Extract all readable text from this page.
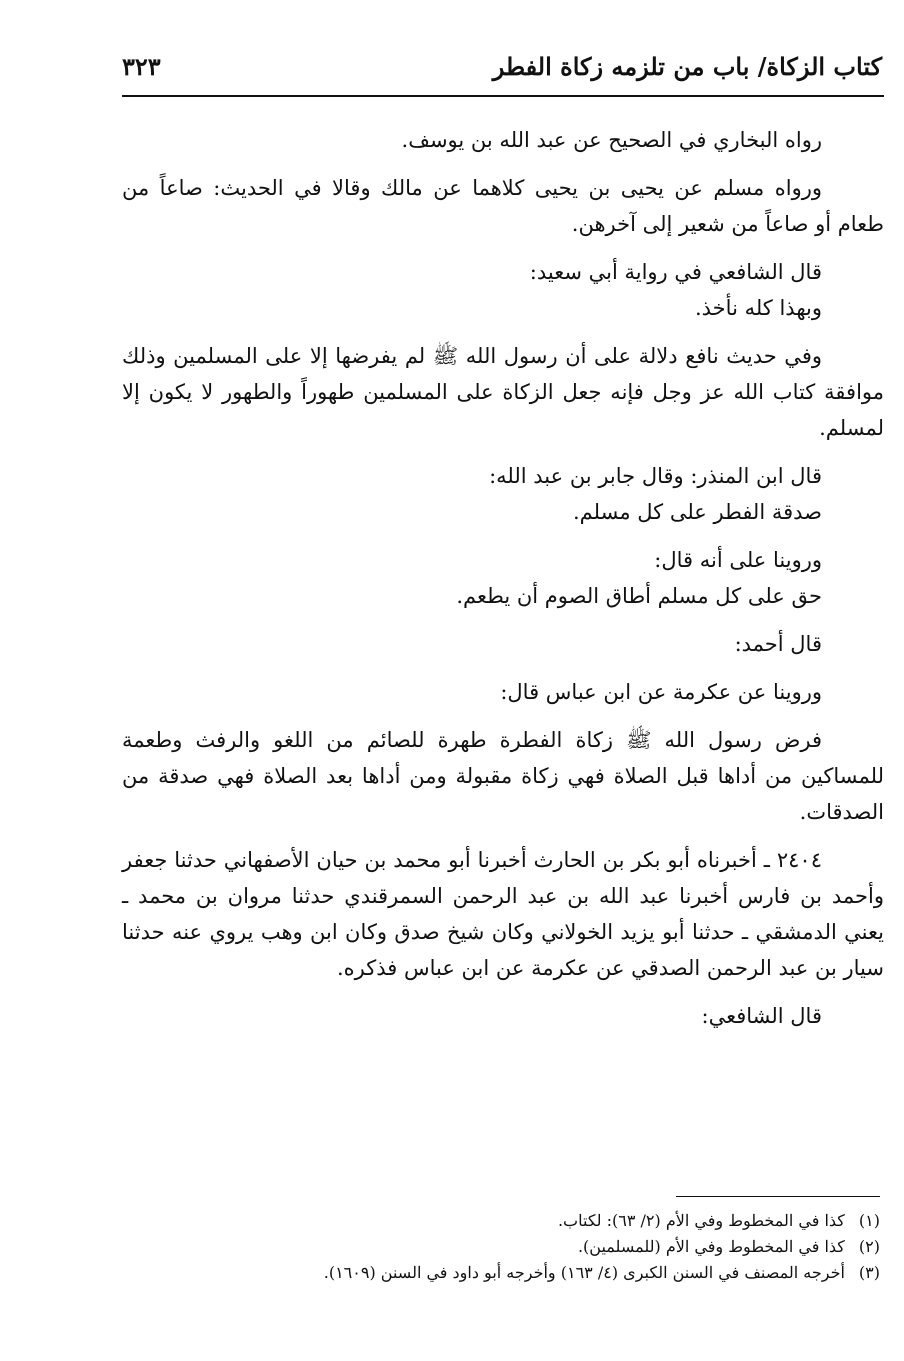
كتاب الزكاة/ باب من تلزمه زكاة الفطر
٣٢٣

رواه البخاري في الصحيح عن عبد الله بن يوسف.

ورواه مسلم عن يحيى بن يحيى كلاهما عن مالك وقالا في الحديث: صاعاً من طعام أو صاعاً من شعير إلى آخرهن.

قال الشافعي في رواية أبي سعيد:

وبهذا كله نأخذ.

وفي حديث نافع دلالة على أن رسول الله ﷺ لم يفرضها إلا على المسلمين وذلك موافقة كتاب الله عز وجل فإنه جعل الزكاة على المسلمين طهوراً والطهور لا يكون إلا لمسلم.

قال ابن المنذر: وقال جابر بن عبد الله:

صدقة الفطر على كل مسلم.

وروينا على أنه قال:

حق على كل مسلم أطاق الصوم أن يطعم.

قال أحمد:

وروينا عن عكرمة عن ابن عباس قال:

فرض رسول الله ﷺ زكاة الفطرة طهرة للصائم من اللغو والرفث وطعمة للمساكين من أداها قبل الصلاة فهي زكاة مقبولة ومن أداها بعد الصلاة فهي صدقة من الصدقات.

٢٤٠٤ ـ أخبرناه أبو بكر بن الحارث أخبرنا أبو محمد بن حيان الأصفهاني حدثنا جعفر وأحمد بن فارس أخبرنا عبد الله بن عبد الرحمن السمرقندي حدثنا مروان بن محمد ـ يعني الدمشقي ـ حدثنا أبو يزيد الخولاني وكان شيخ صدق وكان ابن وهب يروي عنه حدثنا سيار بن عبد الرحمن الصدقي عن عكرمة عن ابن عباس فذكره.

قال الشافعي:

(١) كذا في المخطوط وفي الأم (٢/ ٦٣): لكتاب.
(٢) كذا في المخطوط وفي الأم (للمسلمين).
(٣) أخرجه المصنف في السنن الكبرى (٤/ ١٦٣) وأخرجه أبو داود في السنن (١٦٠٩).
